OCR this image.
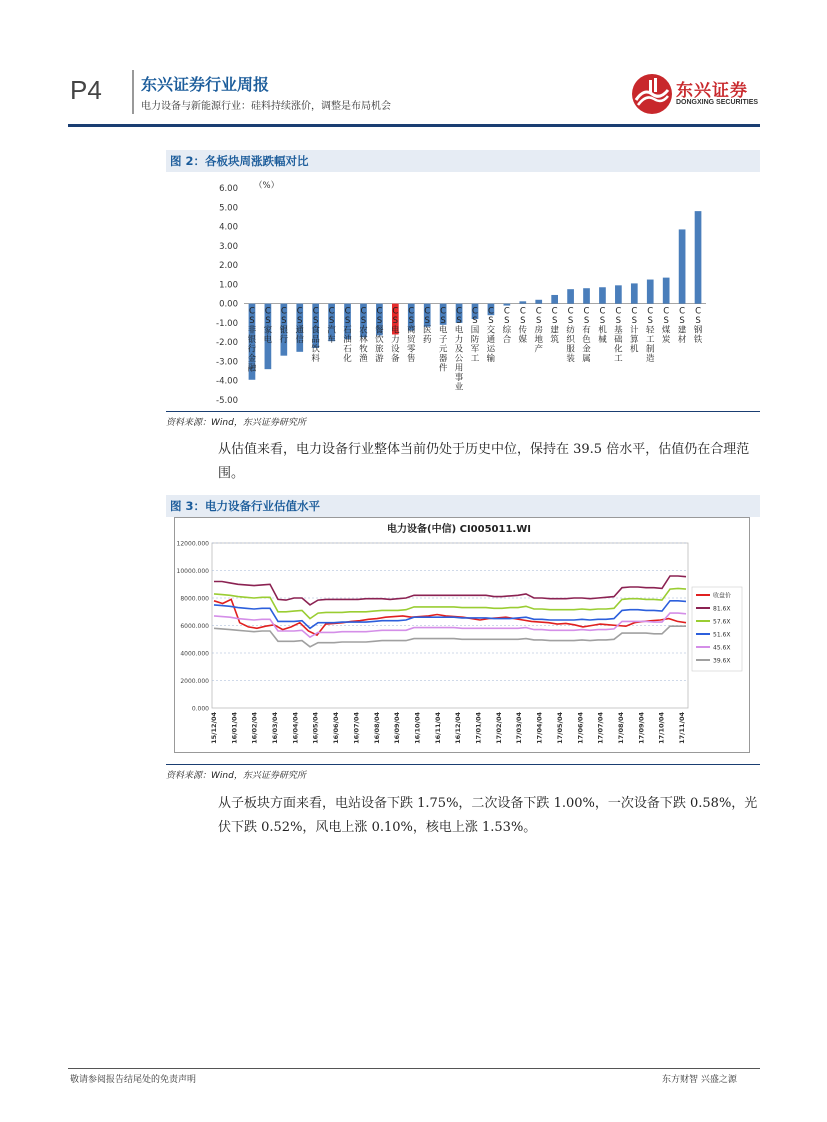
P4 东兴证券行业周报
电力设备与新能源行业：硅料持续涨价，调整是布局机会
东兴证券
DONGXING SECURITIES
图 2：各板块周涨跌幅对比
6.00
5.00
4.00
3.00
2.00
1.00
0.00
-1.00
-2.00
-3.00
-4.00
-5.00
（%）
C S 非银行金融
C S 家电
C S 银行
C S 通信
C S 食品饮料
C S 汽车
C S 石油石化
C S 农林牧渔
C S 餐饮旅游
C S 电力设备
C S 商贸零售
C S 医药
C S 电子元器件
C S 电力及公用事业
C S 国防军工
C S 交通运输
C S 综合
C S 传媒
C S 房地产
C S 建筑
C S 纺织服装
C S 有色金属
C S 机械
C S 基础化工
C S 计算机
C S 轻工制造
C S 煤炭
C S 建材
C S 钢铁
资料来源：Wind，东兴证券研究所
从估值来看，电力设备行业整体当前仍处于历史中位，保持在 39.5 倍水平，估值仍在合理范围。
图 3：电力设备行业估值水平
电力设备(中信) CI005011.WI
12000.000
10000.000
8000.000
6000.000
4000.000
2000.000
0.000
15/12/04 16/01/04 16/02/04 16/03/04 16/04/04 16/05/04 16/06/04 16/07/04 16/08/04 16/09/04 16/10/04 16/11/04 16/12/04 17/01/04 17/02/04 17/03/04 17/04/04 17/05/04 17/06/04 17/07/04 17/08/04 17/09/04 17/10/04 17/11/04
收盘价
81.6X
57.6X
51.6X
45.6X
39.6X
资料来源：Wind，东兴证券研究所
从子板块方面来看，电站设备下跌 1.75%，二次设备下跌 1.00%，一次设备下跌 0.58%，光伏下跌 0.52%，风电上涨 0.10%，核电上涨 1.53%。
敬请参阅报告结尾处的免责声明	东方财智 兴盛之源
